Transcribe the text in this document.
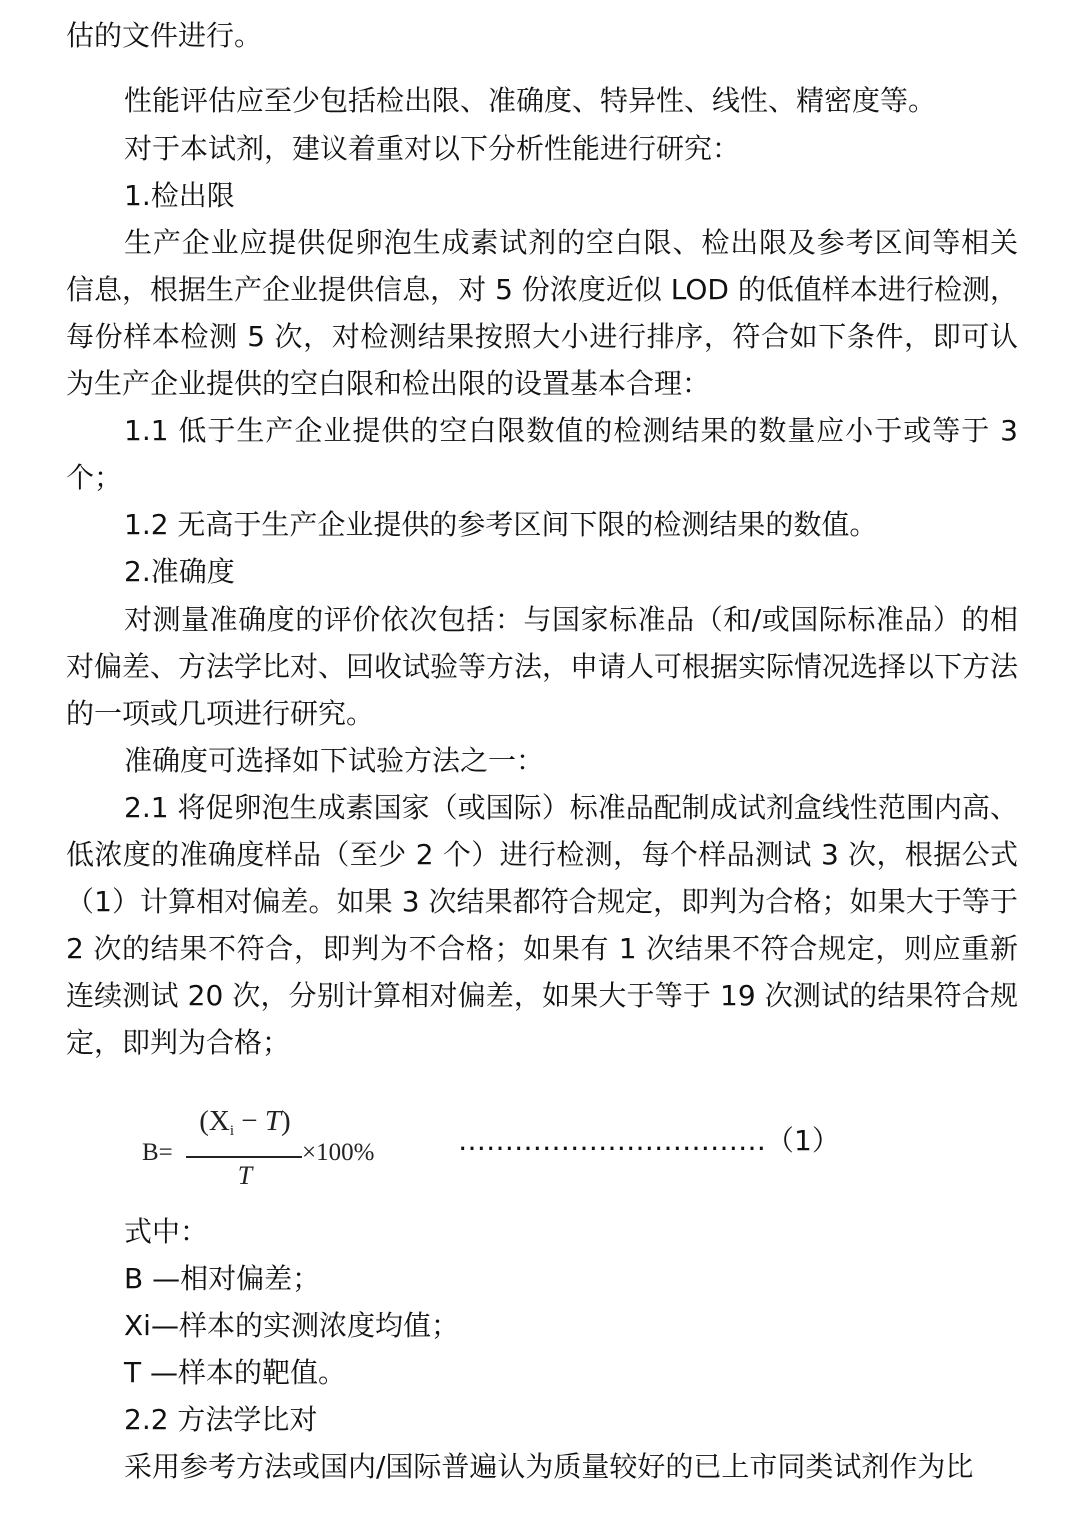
估的文件进行。

性能评估应至少包括检出限、准确度、特异性、线性、精密度等。

对于本试剂，建议着重对以下分析性能进行研究：

1.检出限

生产企业应提供促卵泡生成素试剂的空白限、检出限及参考区间等相关信息，根据生产企业提供信息，对 5 份浓度近似 LOD 的低值样本进行检测，每份样本检测 5 次，对检测结果按照大小进行排序，符合如下条件，即可认为生产企业提供的空白限和检出限的设置基本合理：

1.1 低于生产企业提供的空白限数值的检测结果的数量应小于或等于 3 个；

1.2 无高于生产企业提供的参考区间下限的检测结果的数值。

2.准确度

对测量准确度的评价依次包括：与国家标准品（和/或国际标准品）的相对偏差、方法学比对、回收试验等方法，申请人可根据实际情况选择以下方法的一项或几项进行研究。

准确度可选择如下试验方法之一：

2.1 将促卵泡生成素国家（或国际）标准品配制成试剂盒线性范围内高、低浓度的准确度样品（至少 2 个）进行检测，每个样品测试 3 次，根据公式（1）计算相对偏差。如果 3 次结果都符合规定，即判为合格；如果大于等于 2 次的结果不符合，即判为不合格；如果有 1 次结果不符合规定，则应重新连续测试 20 次，分别计算相对偏差，如果大于等于 19 次测试的结果符合规定，即判为合格；

B=
$(X_i - T)$
T
×100%	……………………………（1）

式中：

B —相对偏差；

Xi—样本的实测浓度均值；

T —样本的靶值。

2.2 方法学比对

采用参考方法或国内/国际普遍认为质量较好的已上市同类试剂作为比
